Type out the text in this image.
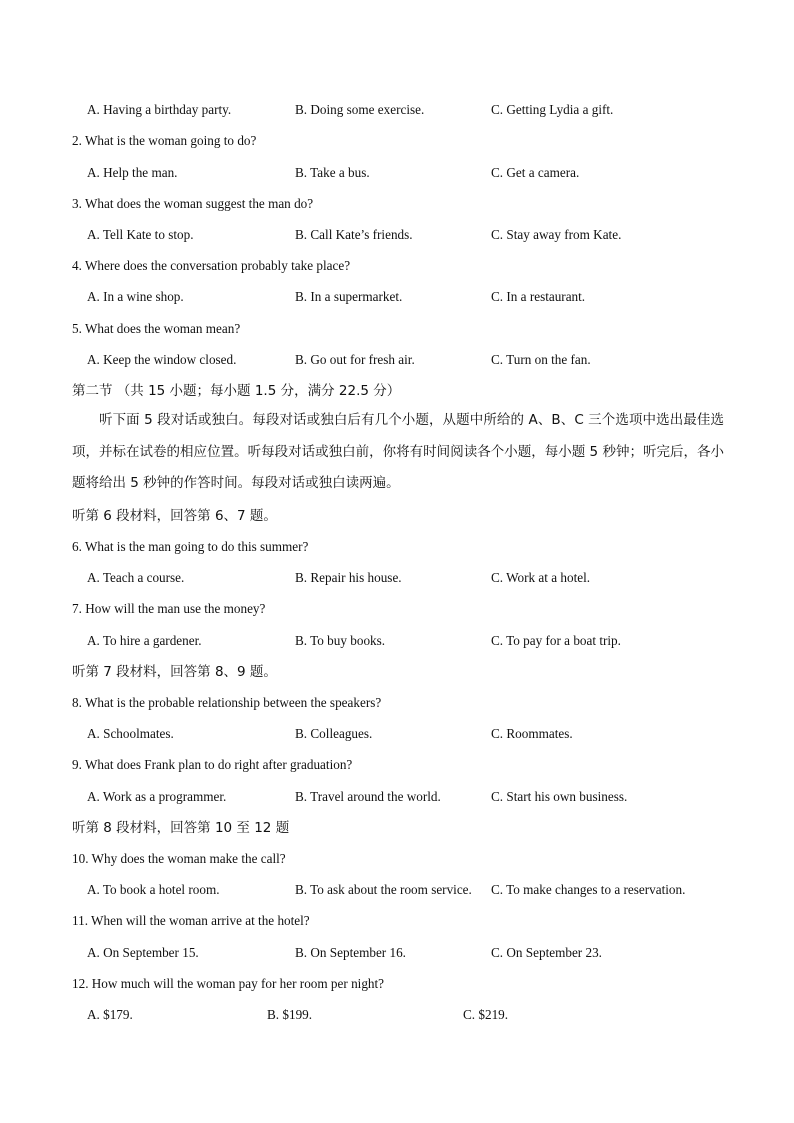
A. Having a birthday party.	B. Doing some exercise.	C. Getting Lydia a gift.
2. What is the woman going to do?
A. Help the man.	B. Take a bus.	C. Get a camera.
3. What does the woman suggest the man do?
A. Tell Kate to stop.	B. Call Kate’s friends.	C. Stay away from Kate.
4. Where does the conversation probably take place?
A. In a wine shop.	B. In a supermarket.	C. In a restaurant.
5. What does the woman mean?
A. Keep the window closed.	B. Go out for fresh air.	C. Turn on the fan.
第二节 （共 15 小题；每小题 1.5 分，满分 22.5 分）
听下面 5 段对话或独白。每段对话或独白后有几个小题，从题中所给的 A、B、C 三个选项中选出最佳选项，并标在试卷的相应位置。听每段对话或独白前，你将有时间阅读各个小题，每小题 5 秒钟；听完后，各小题将给出 5 秒钟的作答时间。每段对话或独白读两遍。
听第 6 段材料，回答第 6、7 题。
6. What is the man going to do this summer?
A. Teach a course.	B. Repair his house.	C. Work at a hotel.
7. How will the man use the money?
A. To hire a gardener.	B. To buy books.	C. To pay for a boat trip.
听第 7 段材料，回答第 8、9 题。
8. What is the probable relationship between the speakers?
A. Schoolmates.	B. Colleagues.	C. Roommates.
9. What does Frank plan to do right after graduation?
A. Work as a programmer.	B. Travel around the world.	C. Start his own business.
听第 8 段材料，回答第 10 至 12 题
10. Why does the woman make the call?
A. To book a hotel room.	B. To ask about the room service. C. To make changes to a reservation.
11. When will the woman arrive at the hotel?
A. On September 15.	B. On September 16.	C. On September 23.
12. How much will the woman pay for her room per night?
A. $179.	B. $199.	C. $219.
